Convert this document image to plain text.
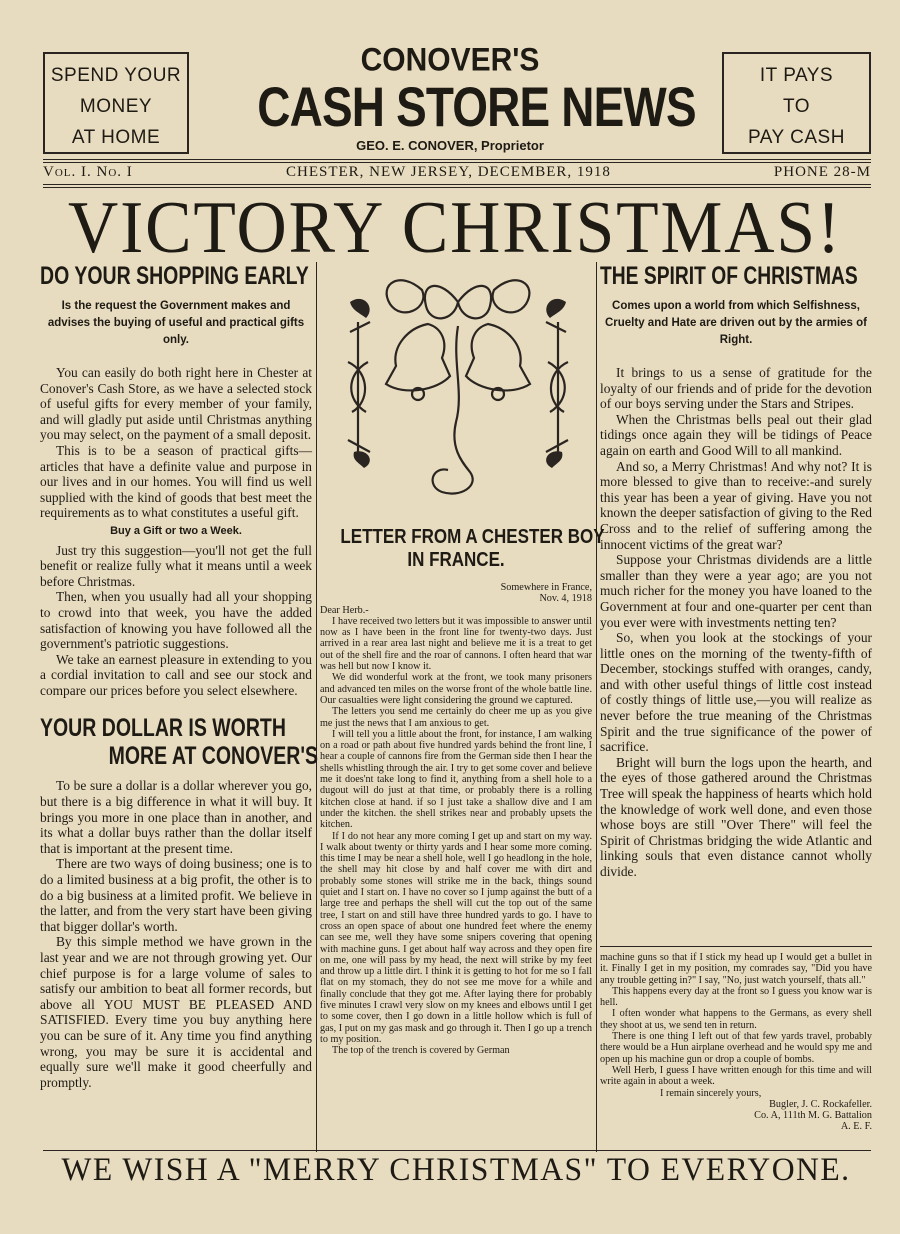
SPEND YOUR
MONEY
AT HOME
IT PAYS
TO
PAY CASH
CONOVER'S
CASH STORE NEWS
GEO. E. CONOVER, Proprietor
Vol. I. No. I	CHESTER, NEW JERSEY, DECEMBER, 1918	PHONE 28-M
VICTORY CHRISTMAS!
DO YOUR SHOPPING EARLY
Is the request the Government makes and advises the buying of useful and practical gifts only.

You can easily do both right here in Chester at Conover's Cash Store, as we have a selected stock of useful gifts for every member of your family, and will gladly put aside until Christmas anything you may select, on the payment of a small deposit.

This is to be a season of practical gifts—articles that have a definite value and purpose in our lives and in our homes. You will find us well supplied with the kind of goods that best meet the requirements as to what constitutes a useful gift.

Buy a Gift or two a Week.

Just try this suggestion—you'll not get the full benefit or realize fully what it means until a week before Christmas.

Then, when you usually had all your shopping to crowd into that week, you have the added satisfaction of knowing you have followed all the government's patriotic suggestions.

We take an earnest pleasure in extending to you a cordial invitation to call and see our stock and compare our prices before you select elsewhere.

YOUR DOLLAR IS WORTH
MORE AT CONOVER'S

To be sure a dollar is a dollar wherever you go, but there is a big difference in what it will buy. It brings you more in one place than in another, and its what a dollar buys rather than the dollar itself that is important at the present time.

There are two ways of doing business; one is to do a limited business at a big profit, the other is to do a big business at a limited profit. We believe in the latter, and from the very start have been giving that bigger dollar's worth.

By this simple method we have grown in the last year and we are not through growing yet. Our chief purpose is for a large volume of sales to satisfy our ambition to beat all former records, but above all YOU MUST BE PLEASED AND SATISFIED. Every time you buy anything here you can be sure of it. Any time you find anything wrong, you may be sure it is accidental and equally sure we'll make it good cheerfully and promptly.

LETTER FROM A CHESTER BOY
IN FRANCE.

Somewhere in France,

Nov. 4, 1918

Dear Herb.-

I have received two letters but it was impossible to answer until now as I have been in the front line for twenty-two days. Just arrived in a rear area last night and believe me it is a treat to get out of the shell fire and the roar of cannons. I often heard that war was hell but now I know it.

We did wonderful work at the front, we took many prisoners and advanced ten miles on the worse front of the whole battle line. Our casualties were light considering the ground we captured.

The letters you send me certainly do cheer me up as you give me just the news that I am anxious to get.

I will tell you a little about the front, for instance, I am walking on a road or path about five hundred yards behind the front line, I hear a couple of cannons fire from the German side then I hear the shells whistling through the air. I try to get some cover and believe me it does'nt take long to find it, anything from a shell hole to a dugout will do just at that time, or probably there is a rolling kitchen close at hand. if so I just take a shallow dive and I am under the kitchen. the shell strikes near and probably upsets the kitchen.

If I do not hear any more coming I get up and start on my way. I walk about twenty or thirty yards and I hear some more coming. this time I may be near a shell hole, well I go headlong in the hole, the shell may hit close by and half cover me with dirt and probably some stones will strike me in the back, things sound quiet and I start on. I have no cover so I jump against the butt of a large tree and perhaps the shell will cut the top out of the same tree, I start on and still have three hundred yards to go. I have to cross an open space of about one hundred feet where the enemy can see me, well they have some snipers covering that opening with machine guns. I get about half way across and they open fire on me, one will pass by my head, the next will strike by my feet and throw up a little dirt. I think it is getting to hot for me so I fall flat on my stomach, they do not see me move for a while and finally conclude that they got me. After laying there for probably five minutes I crawl very slow on my knees and elbows until I get to some cover, then I go down in a little hollow which is full of gas, I put on my gas mask and go through it. Then I go up a trench to my position.

The top of the trench is covered by German

THE SPIRIT OF CHRISTMAS
Comes upon a world from which Selfishness, Cruelty and Hate are driven out by the armies of Right.

It brings to us a sense of gratitude for the loyalty of our friends and of pride for the devotion of our boys serving under the Stars and Stripes.

When the Christmas bells peal out their glad tidings once again they will be tidings of Peace again on earth and Good Will to all mankind.

And so, a Merry Christmas! And why not? It is more blessed to give than to receive:-and surely this year has been a year of giving. Have you not known the deeper satisfaction of giving to the Red Cross and to the relief of suffering among the innocent victims of the great war?

Suppose your Christmas dividends are a little smaller than they were a year ago; are you not much richer for the money you have loaned to the Government at four and one-quarter per cent than you ever were with investments netting ten?

So, when you look at the stockings of your little ones on the morning of the twenty-fifth of December, stockings stuffed with oranges, candy, and with other useful things of little cost instead of costly things of little use,—you will realize as never before the true meaning of the Christmas Spirit and the true significance of the power of sacrifice.

Bright will burn the logs upon the hearth, and the eyes of those gathered around the Christmas Tree will speak the happiness of hearts which hold the knowledge of work well done, and even those whose boys are still "Over There" will feel the Spirit of Christmas bridging the wide Atlantic and linking souls that even distance cannot wholly divide.

machine guns so that if I stick my head up I would get a bullet in it. Finally I get in my position, my comrades say, "Did you have any trouble getting in?" I say, "No, just watch yourself, thats all."

This happens every day at the front so I guess you know war is hell.

I often wonder what happens to the Germans, as every shell they shoot at us, we send ten in return.

There is one thing I left out of that few yards travel, probably there would be a Hun airplane overhead and he would spy me and open up his machine gun or drop a couple of bombs.

Well Herb, I guess I have written enough for this time and will write again in about a week.

I remain sincerely yours,

Bugler, J. C. Rockafeller.

Co. A, 111th M. G. Battalion

A. E. F.

WE WISH A "MERRY CHRISTMAS" TO EVERYONE.
